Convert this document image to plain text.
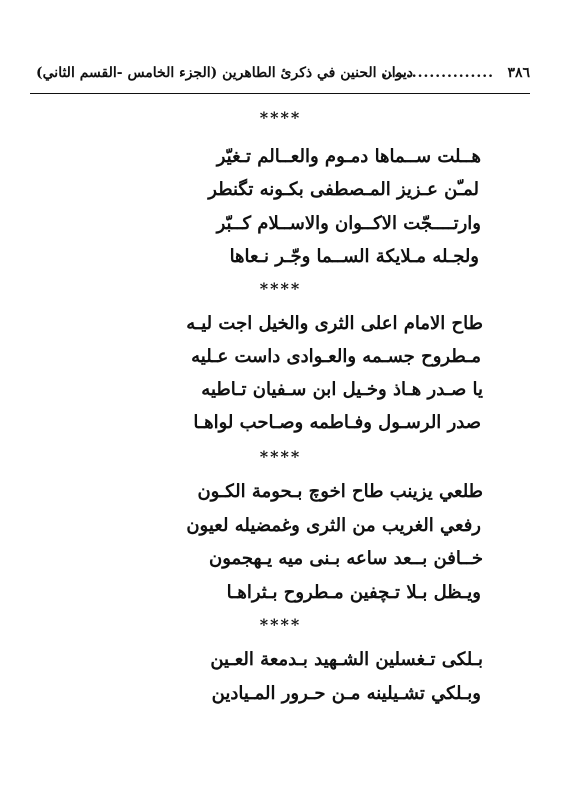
٣٨٦
...................
ديوان الحنين في ذكرئ الطاهرين (الجزء الخامس -القسم الثاني)
****
هــلت ســماها دمـوم والعــالم تـغيّر
لمـّن عـزيز المـصطفى بكـونه تگنطر
وارتــــجّت الاكــوان والاســلام كــبّر
ولجـله مـلايكة الســما وجّـر نـعاها
****
طاح الامام اعلى الثرى والخيل اجت ليـه
مـطروح جسـمه والعـوادى داست عـليه
يا صـدر هـاذ وخـيل ابن سـفيان تـاطيه
صدر الرسـول وفـاطمه وصـاحب لواهـا
****
طلعي يزينب طاح اخوچ بـحومة الكـون
رفعي الغريب من الثرى وغمضيله لعيون
خــافن بــعد ساعه بـنى ميه يـهجمون
ويـظل بـلا تـچفين مـطروح بـثراهـا
****
بـلكى تـغسلين الشـهيد بـدمعة العـين
وبـلكي تشـيلينه مـن حـرور المـيادين
